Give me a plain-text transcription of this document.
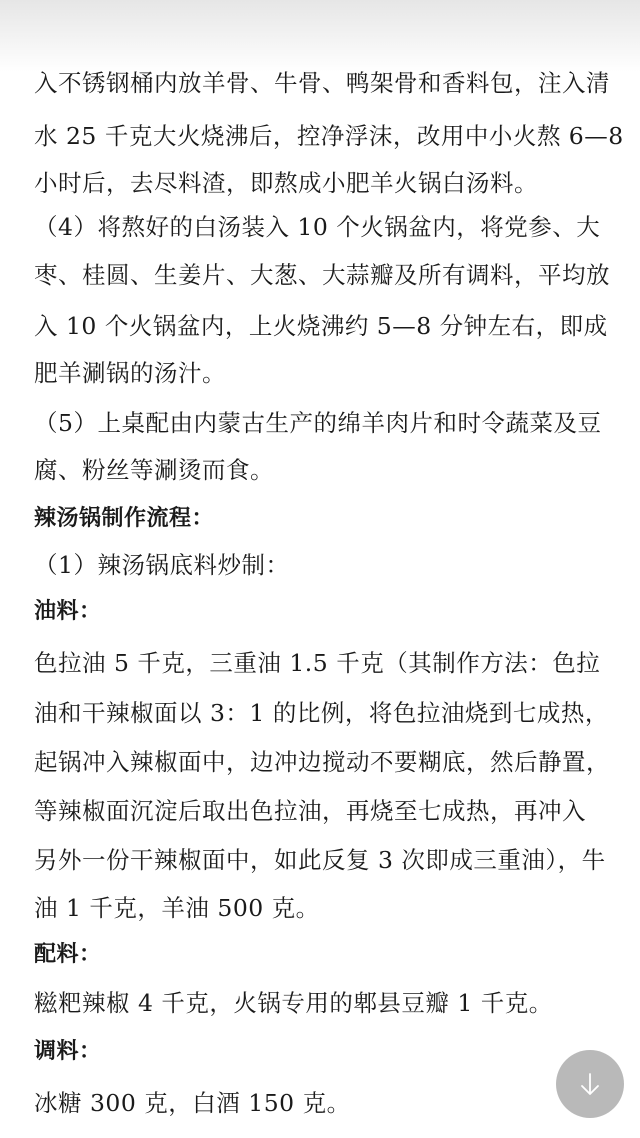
入不锈钢桶内放羊骨、牛骨、鸭架骨和香料包，注入清
水 25 千克大火烧沸后，控净浮沫，改用中小火熬 6—8
小时后，去尽料渣，即熬成小肥羊火锅白汤料。
（4）将熬好的白汤装入 10 个火锅盆内，将党参、大
枣、桂圆、生姜片、大葱、大蒜瓣及所有调料，平均放
入 10 个火锅盆内，上火烧沸约 5—8 分钟左右，即成
肥羊涮锅的汤汁。
（5）上桌配由内蒙古生产的绵羊肉片和时令蔬菜及豆
腐、粉丝等涮烫而食。
辣汤锅制作流程：
（1）辣汤锅底料炒制：
油料：
色拉油 5 千克，三重油 1.5 千克（其制作方法：色拉
油和干辣椒面以 3：1 的比例，将色拉油烧到七成热，
起锅冲入辣椒面中，边冲边搅动不要糊底，然后静置，
等辣椒面沉淀后取出色拉油，再烧至七成热，再冲入
另外一份干辣椒面中，如此反复 3 次即成三重油），牛
油 1 千克，羊油 500 克。
配料：
糍粑辣椒 4 千克，火锅专用的郫县豆瓣 1 千克。
调料：
冰糖 300 克，白酒 150 克。
